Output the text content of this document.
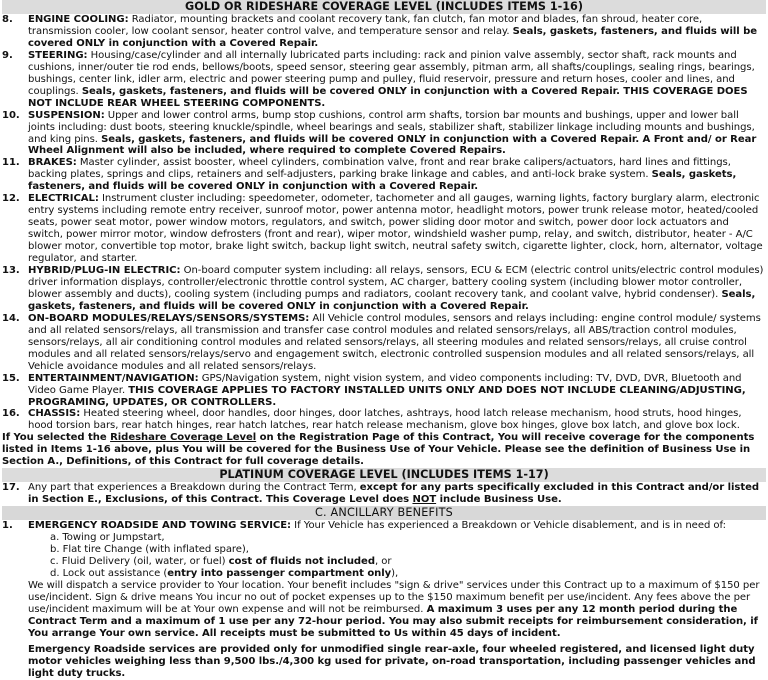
GOLD OR RIDESHARE COVERAGE LEVEL (INCLUDES ITEMS 1-16)
8. ENGINE COOLING: Radiator, mounting brackets and coolant recovery tank, fan clutch, fan motor and blades, fan shroud, heater core, transmission cooler, low coolant sensor, heater control valve, and temperature sensor and relay. Seals, gaskets, fasteners, and fluids will be covered ONLY in conjunction with a Covered Repair.
9. STEERING: Housing/case/cylinder and all internally lubricated parts including: rack and pinion valve assembly, sector shaft, rack mounts and cushions, inner/outer tie rod ends, bellows/boots, speed sensor, steering gear assembly, pitman arm, all shafts/couplings, sealing rings, bearings, bushings, center link, idler arm, electric and power steering pump and pulley, fluid reservoir, pressure and return hoses, cooler and lines, and couplings. Seals, gaskets, fasteners, and fluids will be covered ONLY in conjunction with a Covered Repair. THIS COVERAGE DOES NOT INCLUDE REAR WHEEL STEERING COMPONENTS.
10. SUSPENSION: Upper and lower control arms, bump stop cushions, control arm shafts, torsion bar mounts and bushings, upper and lower ball joints including: dust boots, steering knuckle/spindle, wheel bearings and seals, stabilizer shaft, stabilizer linkage including mounts and bushings, and king pins. Seals, gaskets, fasteners, and fluids will be covered ONLY in conjunction with a Covered Repair. A Front and/ or Rear Wheel Alignment will also be included, where required to complete Covered Repairs.
11. BRAKES: Master cylinder, assist booster, wheel cylinders, combination valve, front and rear brake calipers/actuators, hard lines and fittings, backing plates, springs and clips, retainers and self-adjusters, parking brake linkage and cables, and anti-lock brake system. Seals, gaskets, fasteners, and fluids will be covered ONLY in conjunction with a Covered Repair.
12. ELECTRICAL: Instrument cluster including: speedometer, odometer, tachometer and all gauges, warning lights, factory burglary alarm, electronic entry systems including remote entry receiver, sunroof motor, power antenna motor, headlight motors, power trunk release motor, heated/cooled seats, power seat motor, power window motors, regulators, and switch, power sliding door motor and switch, power door lock actuators and switch, power mirror motor, window defrosters (front and rear), wiper motor, windshield washer pump, relay, and switch, distributor, heater - A/C blower motor, convertible top motor, brake light switch, backup light switch, neutral safety switch, cigarette lighter, clock, horn, alternator, voltage regulator, and starter.
13. HYBRID/PLUG-IN ELECTRIC: On-board computer system including: all relays, sensors, ECU & ECM (electric control units/electric control modules) driver information displays, controller/electronic throttle control system, AC charger, battery cooling system (including blower motor controller, blower assembly and ducts), cooling system (including pumps and radiators, coolant recovery tank, and coolant valve, hybrid condenser). Seals, gaskets, fasteners, and fluids will be covered ONLY in conjunction with a Covered Repair.
14. ON-BOARD MODULES/RELAYS/SENSORS/SYSTEMS: All Vehicle control modules, sensors and relays including: engine control module/ systems and all related sensors/relays, all transmission and transfer case control modules and related sensors/relays, all ABS/traction control modules, sensors/relays, all air conditioning control modules and related sensors/relays, all steering modules and related sensors/relays, all cruise control modules and all related sensors/relays/servo and engagement switch, electronic controlled suspension modules and all related sensors/relays, all Vehicle avoidance modules and all related sensors/relays.
15. ENTERTAINMENT/NAVIGATION: GPS/Navigation system, night vision system, and video components including: TV, DVD, DVR, Bluetooth and Video Game Player. THIS COVERAGE APPLIES TO FACTORY INSTALLED UNITS ONLY AND DOES NOT INCLUDE CLEANING/ADJUSTING, PROGRAMING, UPDATES, OR CONTROLLERS.
16. CHASSIS: Heated steering wheel, door handles, door hinges, door latches, ashtrays, hood latch release mechanism, hood struts, hood hinges, hood torsion bars, rear hatch hinges, rear hatch latches, rear hatch release mechanism, glove box hinges, glove box latch, and glove box lock.
If You selected the Rideshare Coverage Level on the Registration Page of this Contract, You will receive coverage for the components listed in Items 1-16 above, plus You will be covered for the Business Use of Your Vehicle. Please see the definition of Business Use in Section A., Definitions, of this Contract for full coverage details.
PLATINUM COVERAGE LEVEL (INCLUDES ITEMS 1-17)
17. Any part that experiences a Breakdown during the Contract Term, except for any parts specifically excluded in this Contract and/or listed in Section E., Exclusions, of this Contract. This Coverage Level does NOT include Business Use.
C. ANCILLARY BENEFITS
1. EMERGENCY ROADSIDE AND TOWING SERVICE: If Your Vehicle has experienced a Breakdown or Vehicle disablement, and is in need of:
a. Towing or Jumpstart,
b. Flat tire Change (with inflated spare),
c. Fluid Delivery (oil, water, or fuel) cost of fluids not included, or
d. Lock out assistance (entry into passenger compartment only),
We will dispatch a service provider to Your location. Your benefit includes "sign & drive" services under this Contract up to a maximum of $150 per use/incident. Sign & drive means You incur no out of pocket expenses up to the $150 maximum benefit per use/incident. Any fees above the per use/incident maximum will be at Your own expense and will not be reimbursed. A maximum 3 uses per any 12 month period during the Contract Term and a maximum of 1 use per any 72-hour period. You may also submit receipts for reimbursement consideration, if You arrange Your own service. All receipts must be submitted to Us within 45 days of incident.
Emergency Roadside services are provided only for unmodified single rear-axle, four wheeled registered, and licensed light duty motor vehicles weighing less than 9,500 lbs./4,300 kg used for private, on-road transportation, including passenger vehicles and light duty trucks.
